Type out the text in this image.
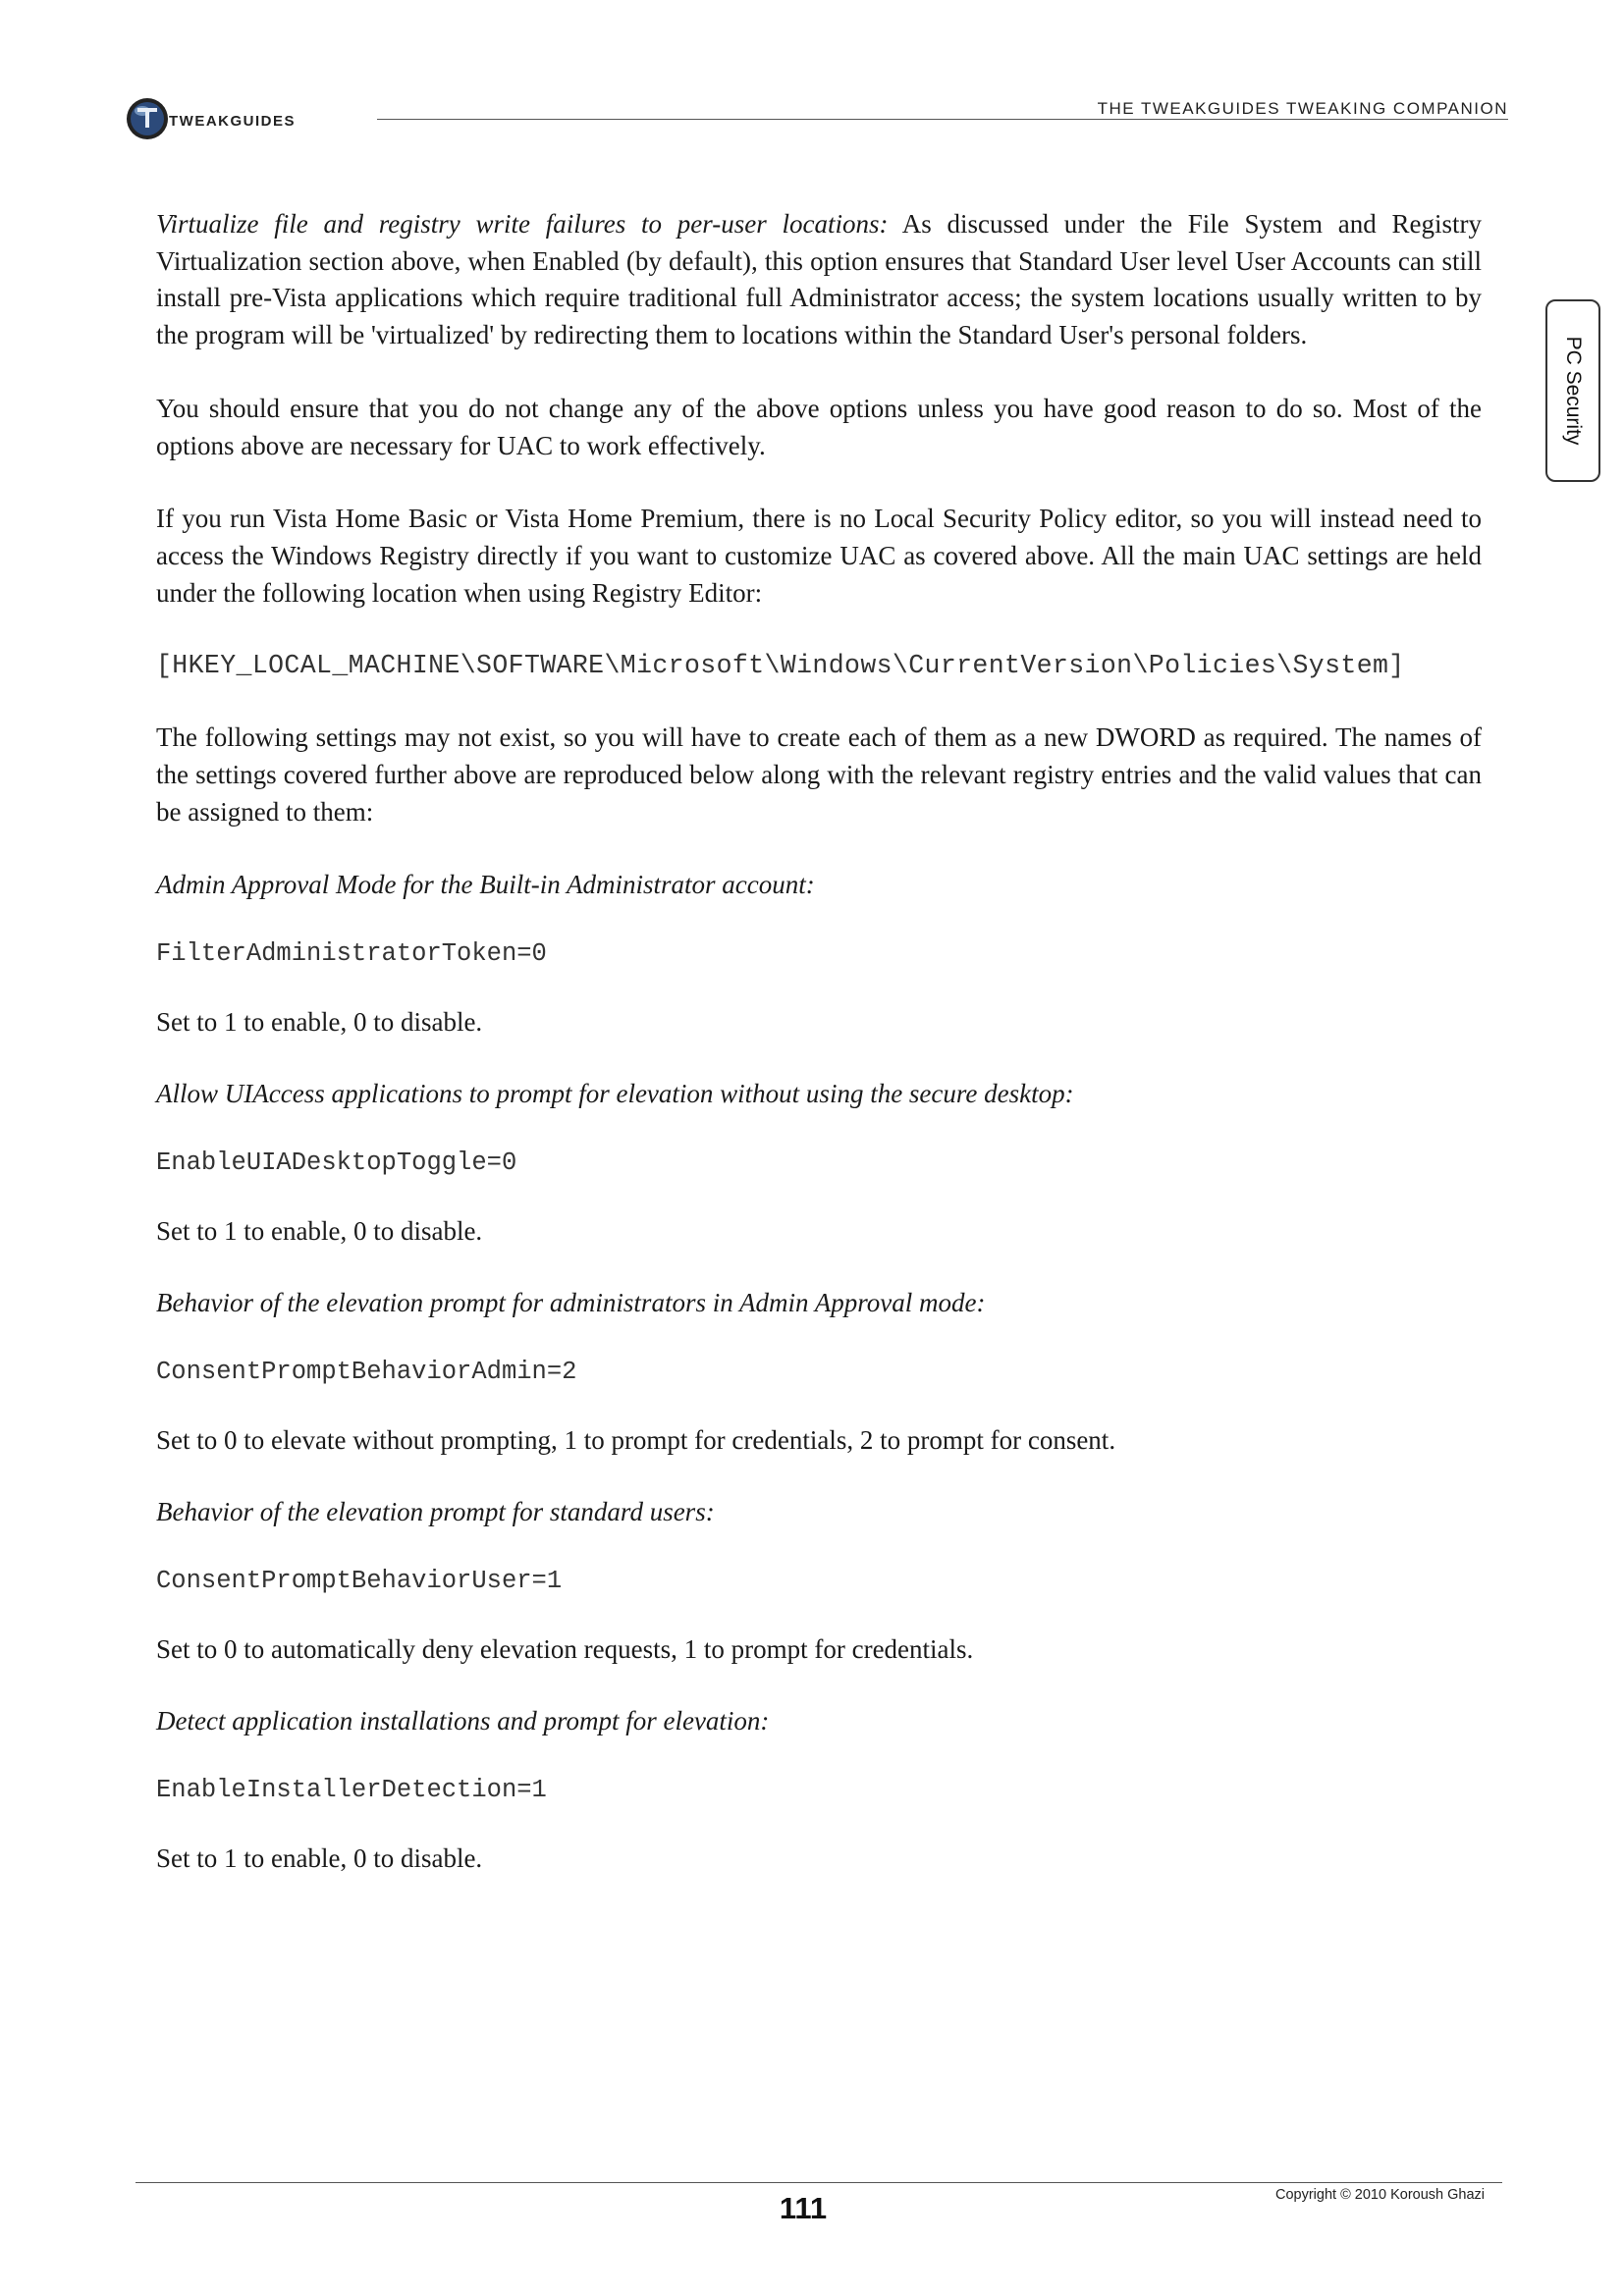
TWEAKGUIDES
THE TWEAKGUIDES TWEAKING COMPANION
PC Security

Virtualize file and registry write failures to per-user locations: As discussed under the File System and Registry Virtualization section above, when Enabled (by default), this option ensures that Standard User level User Accounts can still install pre-Vista applications which require traditional full Administrator access; the system locations usually written to by the program will be 'virtualized' by redirecting them to locations within the Standard User's personal folders.

You should ensure that you do not change any of the above options unless you have good reason to do so. Most of the options above are necessary for UAC to work effectively.

If you run Vista Home Basic or Vista Home Premium, there is no Local Security Policy editor, so you will instead need to access the Windows Registry directly if you want to customize UAC as covered above. All the main UAC settings are held under the following location when using Registry Editor:

[HKEY_LOCAL_MACHINE\SOFTWARE\Microsoft\Windows\CurrentVersion\Policies\System]

The following settings may not exist, so you will have to create each of them as a new DWORD as required. The names of the settings covered further above are reproduced below along with the relevant registry entries and the valid values that can be assigned to them:

Admin Approval Mode for the Built-in Administrator account:
FilterAdministratorToken=0
Set to 1 to enable, 0 to disable.
Allow UIAccess applications to prompt for elevation without using the secure desktop:
EnableUIADesktopToggle=0
Set to 1 to enable, 0 to disable.
Behavior of the elevation prompt for administrators in Admin Approval mode:
ConsentPromptBehaviorAdmin=2
Set to 0 to elevate without prompting, 1 to prompt for credentials, 2 to prompt for consent.
Behavior of the elevation prompt for standard users:
ConsentPromptBehaviorUser=1
Set to 0 to automatically deny elevation requests, 1 to prompt for credentials.
Detect application installations and prompt for elevation:
EnableInstallerDetection=1
Set to 1 to enable, 0 to disable.
111	Copyright © 2010 Koroush Ghazi
